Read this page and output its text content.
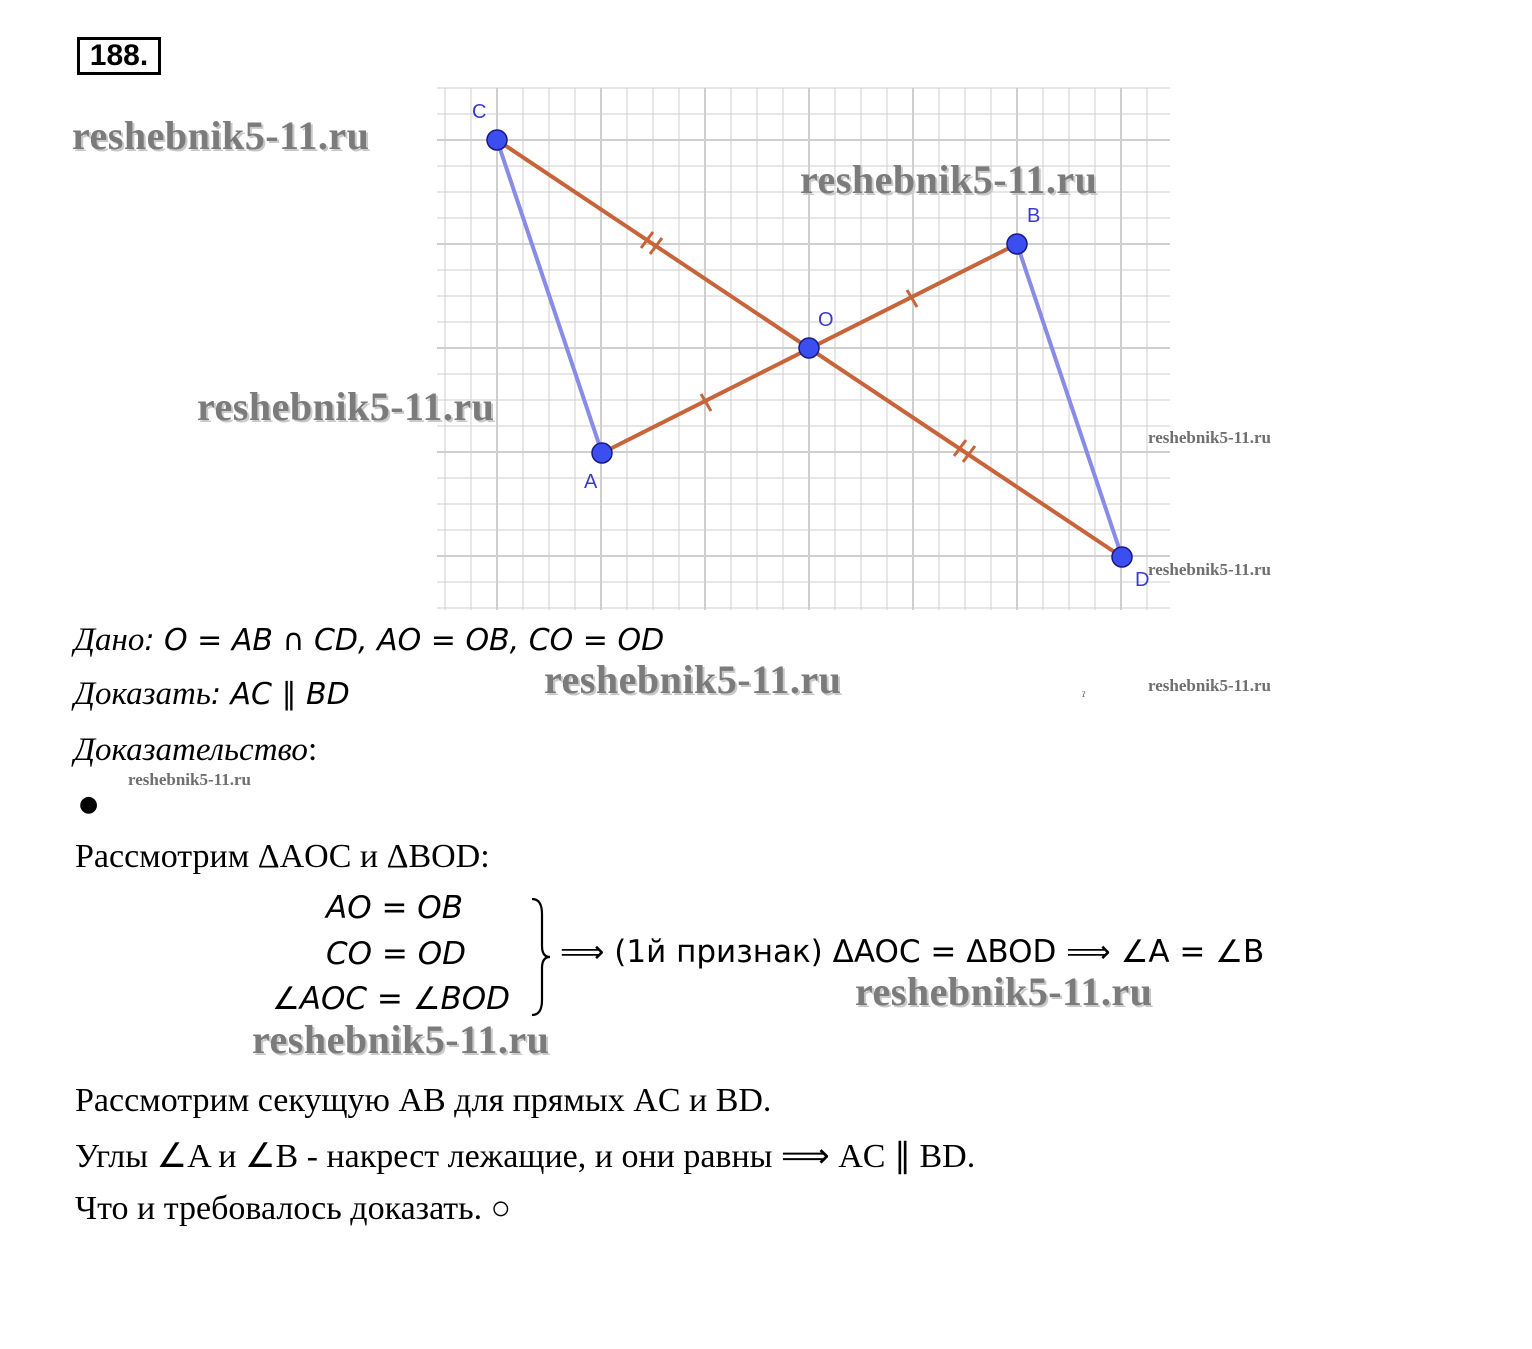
188.
C
B
O
A
D
reshebnik5-11.ru
reshebnik5-11.ru
reshebnik5-11.ru
reshebnik5-11.ru
reshebnik5-11.ru
reshebnik5-11.ru	reshebnik5-11.ru
reshebnik5-11.ru
reshebnik5-11.ru
reshebnik5-11.ru
ˀ
Дано: O = AB ∩ CD, AO = OB, CO = OD
Доказать: AC ∥ BD
Доказательство:
●
Рассмотрим ΔAOC и ΔBOD:
AO = OB
CO = OD
∠AOC = ∠BOD
⟹ (1й признак) ΔAOC = ΔBOD ⟹ ∠A = ∠B
Рассмотрим секущую AB для прямых AC и BD.
Углы ∠A и ∠B - накрест лежащие, и они равны ⟹ AC ∥ BD.
Что и требовалось доказать. ○
